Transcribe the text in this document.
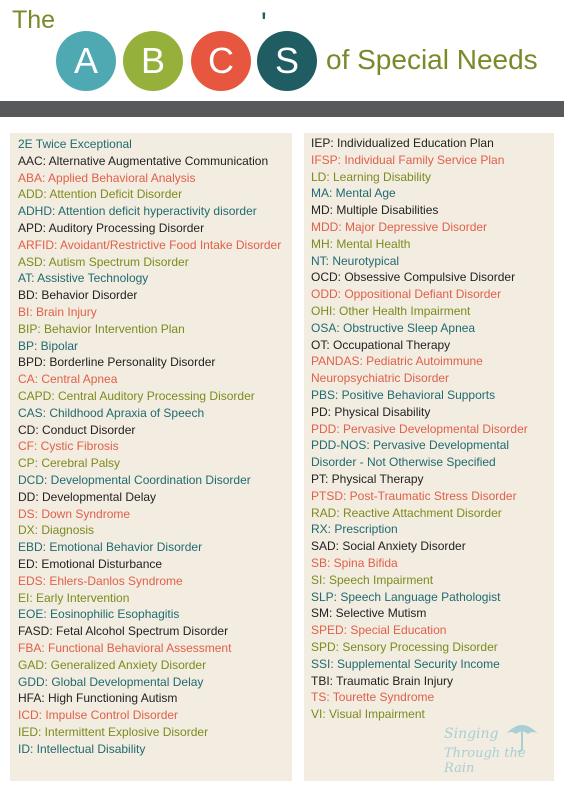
The
A	B	C	S
'
of Special Needs
2E Twice Exceptional
AAC: Alternative Augmentative Communication
ABA: Applied Behavioral Analysis
ADD: Attention Deficit Disorder
ADHD: Attention deficit hyperactivity disorder
APD: Auditory Processing Disorder
ARFID: Avoidant/Restrictive Food Intake Disorder
ASD: Autism Spectrum Disorder
AT: Assistive Technology
BD: Behavior Disorder
BI: Brain Injury
BIP: Behavior Intervention Plan
BP: Bipolar
BPD: Borderline Personality Disorder
CA: Central Apnea
CAPD: Central Auditory Processing Disorder
CAS: Childhood Apraxia of Speech
CD: Conduct Disorder
CF: Cystic Fibrosis
CP: Cerebral Palsy
DCD: Developmental Coordination Disorder
DD: Developmental Delay
DS: Down Syndrome
DX: Diagnosis
EBD: Emotional Behavior Disorder
ED: Emotional Disturbance
EDS: Ehlers-Danlos Syndrome
EI: Early Intervention
EOE: Eosinophilic Esophagitis
FASD: Fetal Alcohol Spectrum Disorder
FBA: Functional Behavioral Assessment
GAD: Generalized Anxiety Disorder
GDD: Global Developmental Delay
HFA: High Functioning Autism
ICD: Impulse Control Disorder
IED: Intermittent Explosive Disorder
ID: Intellectual Disability
IEP: Individualized Education Plan
IFSP: Individual Family Service Plan
LD: Learning Disability
MA: Mental Age
MD: Multiple Disabilities
MDD: Major Depressive Disorder
MH: Mental Health
NT: Neurotypical
OCD: Obsessive Compulsive Disorder
ODD: Oppositional Defiant Disorder
OHI: Other Health Impairment
OSA: Obstructive Sleep Apnea
OT: Occupational Therapy
PANDAS: Pediatric Autoimmune Neuropsychiatric Disorder
PBS: Positive Behavioral Supports
PD: Physical Disability
PDD: Pervasive Developmental Disorder
PDD-NOS: Pervasive Developmental Disorder - Not Otherwise Specified
PT: Physical Therapy
PTSD: Post-Traumatic Stress Disorder
RAD: Reactive Attachment Disorder
RX: Prescription
SAD: Social Anxiety Disorder
SB: Spina Bifida
SI: Speech Impairment
SLP: Speech Language Pathologist
SM: Selective Mutism
SPED: Special Education
SPD: Sensory Processing Disorder
SSI: Supplemental Security Income
TBI: Traumatic Brain Injury
TS: Tourette Syndrome
VI: Visual Impairment
Singing
Through the Rain
